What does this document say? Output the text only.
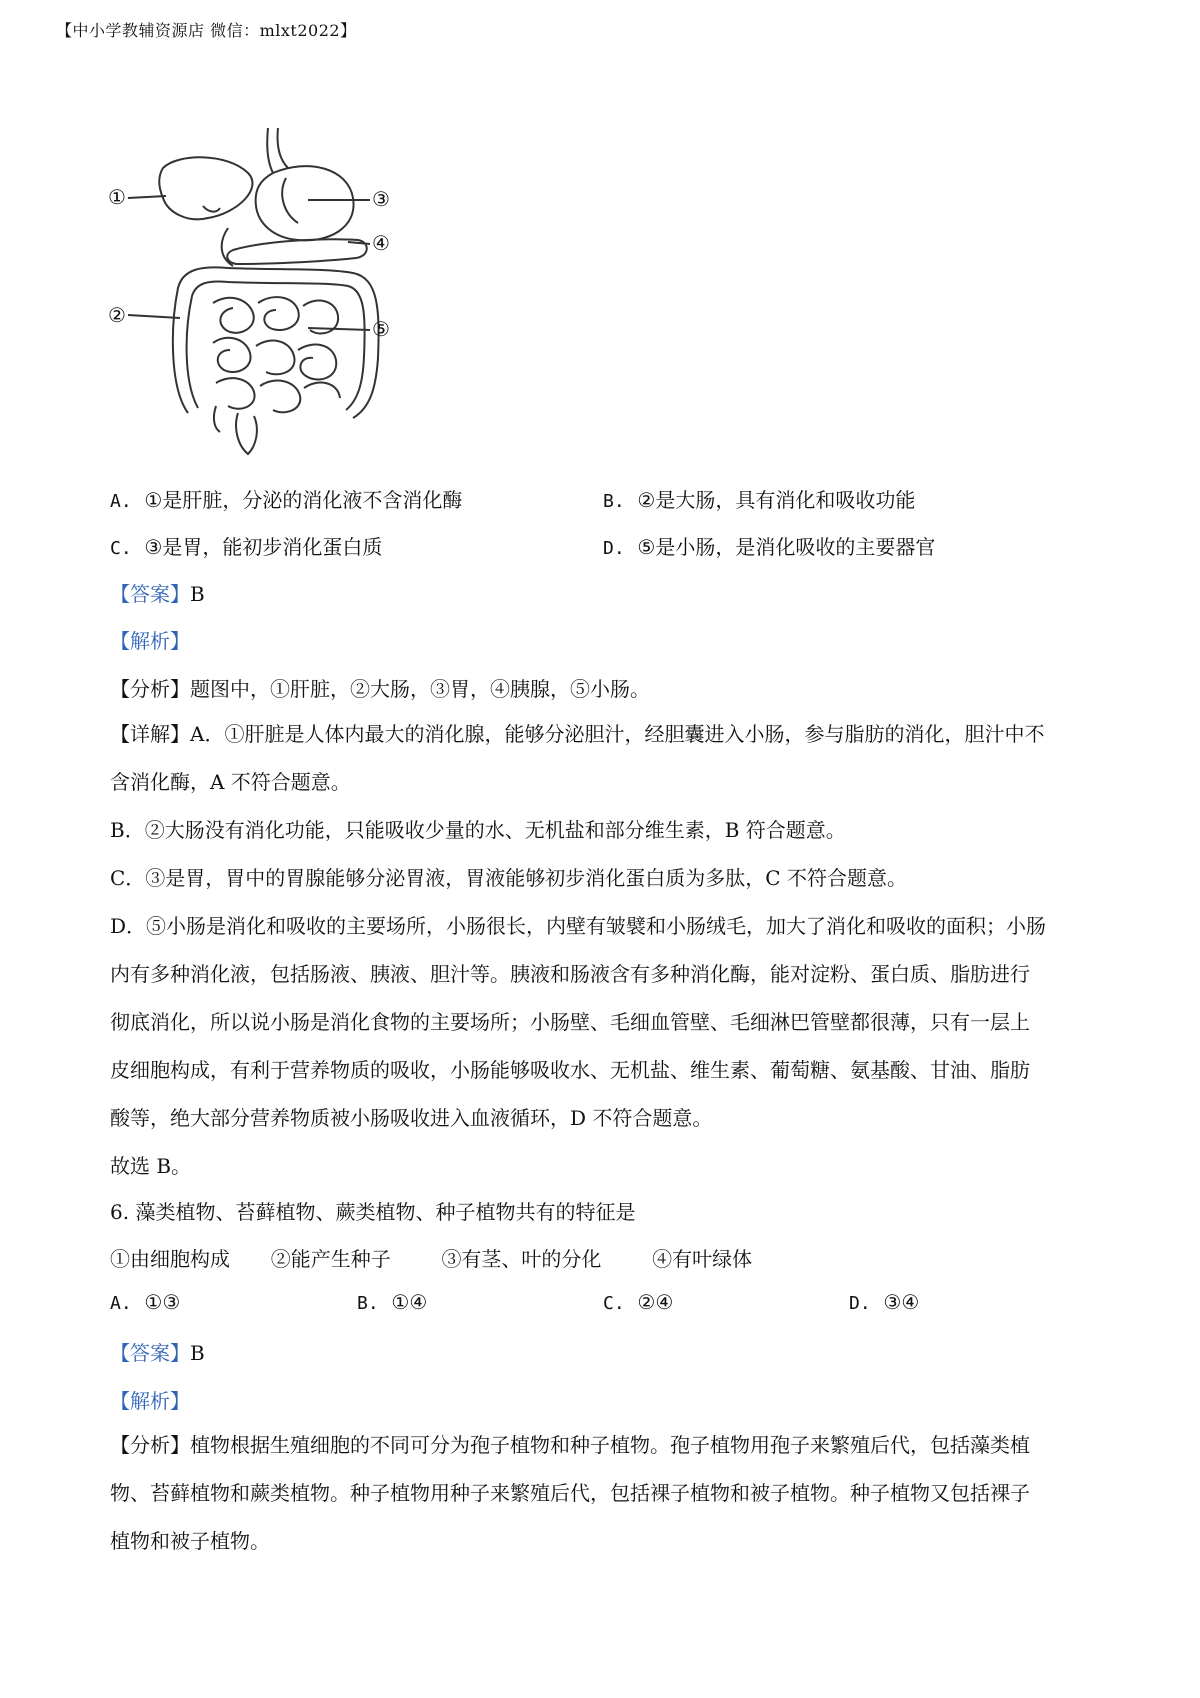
【中小学教辅资源店 微信：mlxt2022】
①
②
③
④
⑤
A. ①是肝脏，分泌的消化液不含消化酶	B. ②是大肠，具有消化和吸收功能
C. ③是胃，能初步消化蛋白质	D. ⑤是小肠，是消化吸收的主要器官
【答案】B
【解析】
【分析】题图中，①肝脏，②大肠，③胃，④胰腺，⑤小肠。
【详解】A．①肝脏是人体内最大的消化腺，能够分泌胆汁，经胆囊进入小肠，参与脂肪的消化，胆汁中不
含消化酶，A 不符合题意。
B．②大肠没有消化功能，只能吸收少量的水、无机盐和部分维生素，B 符合题意。
C．③是胃，胃中的胃腺能够分泌胃液，胃液能够初步消化蛋白质为多肽，C 不符合题意。
D．⑤小肠是消化和吸收的主要场所，小肠很长，内壁有皱襞和小肠绒毛，加大了消化和吸收的面积；小肠
内有多种消化液，包括肠液、胰液、胆汁等。胰液和肠液含有多种消化酶，能对淀粉、蛋白质、脂肪进行
彻底消化，所以说小肠是消化食物的主要场所；小肠壁、毛细血管壁、毛细淋巴管壁都很薄，只有一层上
皮细胞构成，有利于营养物质的吸收，小肠能够吸收水、无机盐、维生素、葡萄糖、氨基酸、甘油、脂肪
酸等，绝大部分营养物质被小肠吸收进入血液循环，D 不符合题意。
故选 B。
6. 藻类植物、苔藓植物、蕨类植物、种子植物共有的特征是
①由细胞构成 ②能产生种子	③有茎、叶的分化	④有叶绿体
A. ①③	B. ①④	C. ②④	D. ③④
【答案】B
【解析】
【分析】植物根据生殖细胞的不同可分为孢子植物和种子植物。孢子植物用孢子来繁殖后代，包括藻类植
物、苔藓植物和蕨类植物。种子植物用种子来繁殖后代，包括裸子植物和被子植物。种子植物又包括裸子
植物和被子植物。
